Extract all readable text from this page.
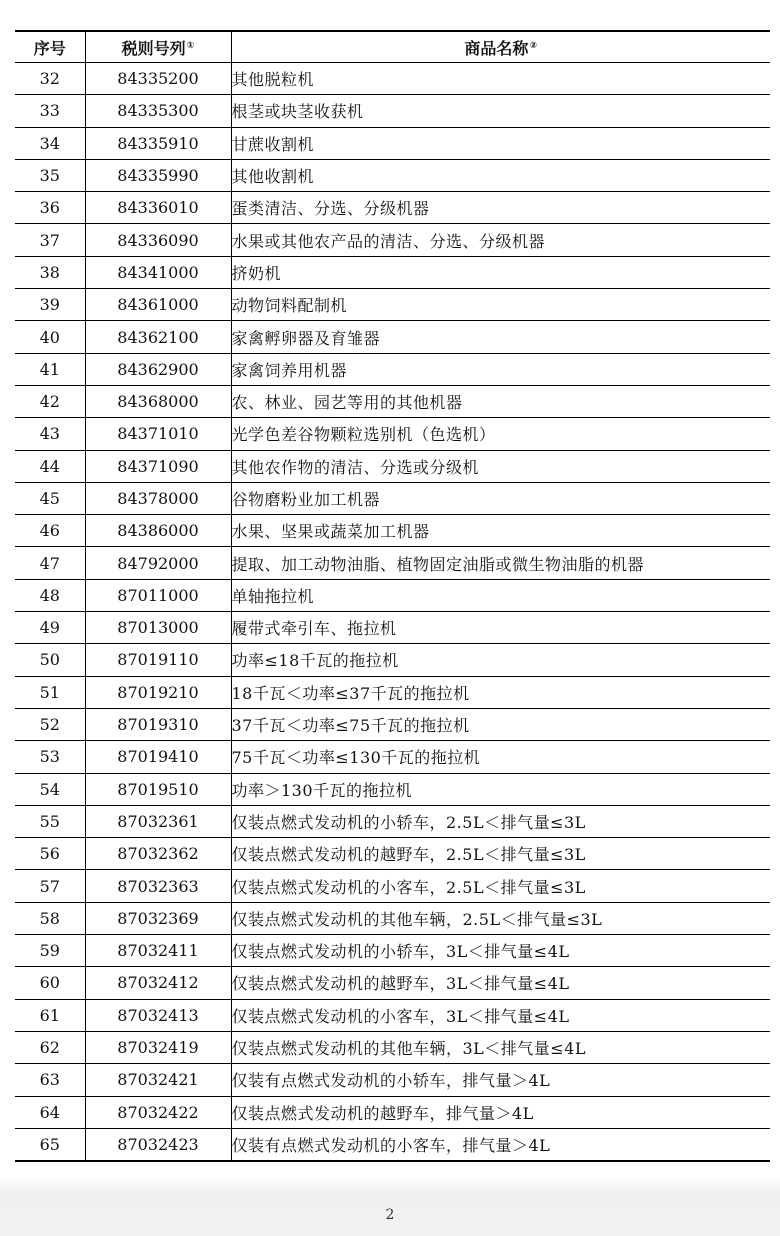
序号	税则号列①	商品名称②
32	84335200	其他脱粒机
33	84335300	根茎或块茎收获机
34	84335910	甘蔗收割机
35	84335990	其他收割机
36	84336010	蛋类清洁、分选、分级机器
37	84336090	水果或其他农产品的清洁、分选、分级机器
38	84341000	挤奶机
39	84361000	动物饲料配制机
40	84362100	家禽孵卵器及育雏器
41	84362900	家禽饲养用机器
42	84368000	农、林业、园艺等用的其他机器
43	84371010	光学色差谷物颗粒选别机（色选机）
44	84371090	其他农作物的清洁、分选或分级机
45	84378000	谷物磨粉业加工机器
46	84386000	水果、坚果或蔬菜加工机器
47	84792000	提取、加工动物油脂、植物固定油脂或微生物油脂的机器
48	87011000	单轴拖拉机
49	87013000	履带式牵引车、拖拉机
50	87019110	功率≤18千瓦的拖拉机
51	87019210	18千瓦＜功率≤37千瓦的拖拉机
52	87019310	37千瓦＜功率≤75千瓦的拖拉机
53	87019410	75千瓦＜功率≤130千瓦的拖拉机
54	87019510	功率＞130千瓦的拖拉机
55	87032361	仅装点燃式发动机的小轿车，2.5L＜排气量≤3L
56	87032362	仅装点燃式发动机的越野车，2.5L＜排气量≤3L
57	87032363	仅装点燃式发动机的小客车，2.5L＜排气量≤3L
58	87032369	仅装点燃式发动机的其他车辆，2.5L＜排气量≤3L
59	87032411	仅装点燃式发动机的小轿车，3L＜排气量≤4L
60	87032412	仅装点燃式发动机的越野车，3L＜排气量≤4L
61	87032413	仅装点燃式发动机的小客车，3L＜排气量≤4L
62	87032419	仅装点燃式发动机的其他车辆，3L＜排气量≤4L
63	87032421	仅装有点燃式发动机的小轿车，排气量＞4L
64	87032422	仅装点燃式发动机的越野车，排气量＞4L
65	87032423	仅装有点燃式发动机的小客车，排气量＞4L
2
